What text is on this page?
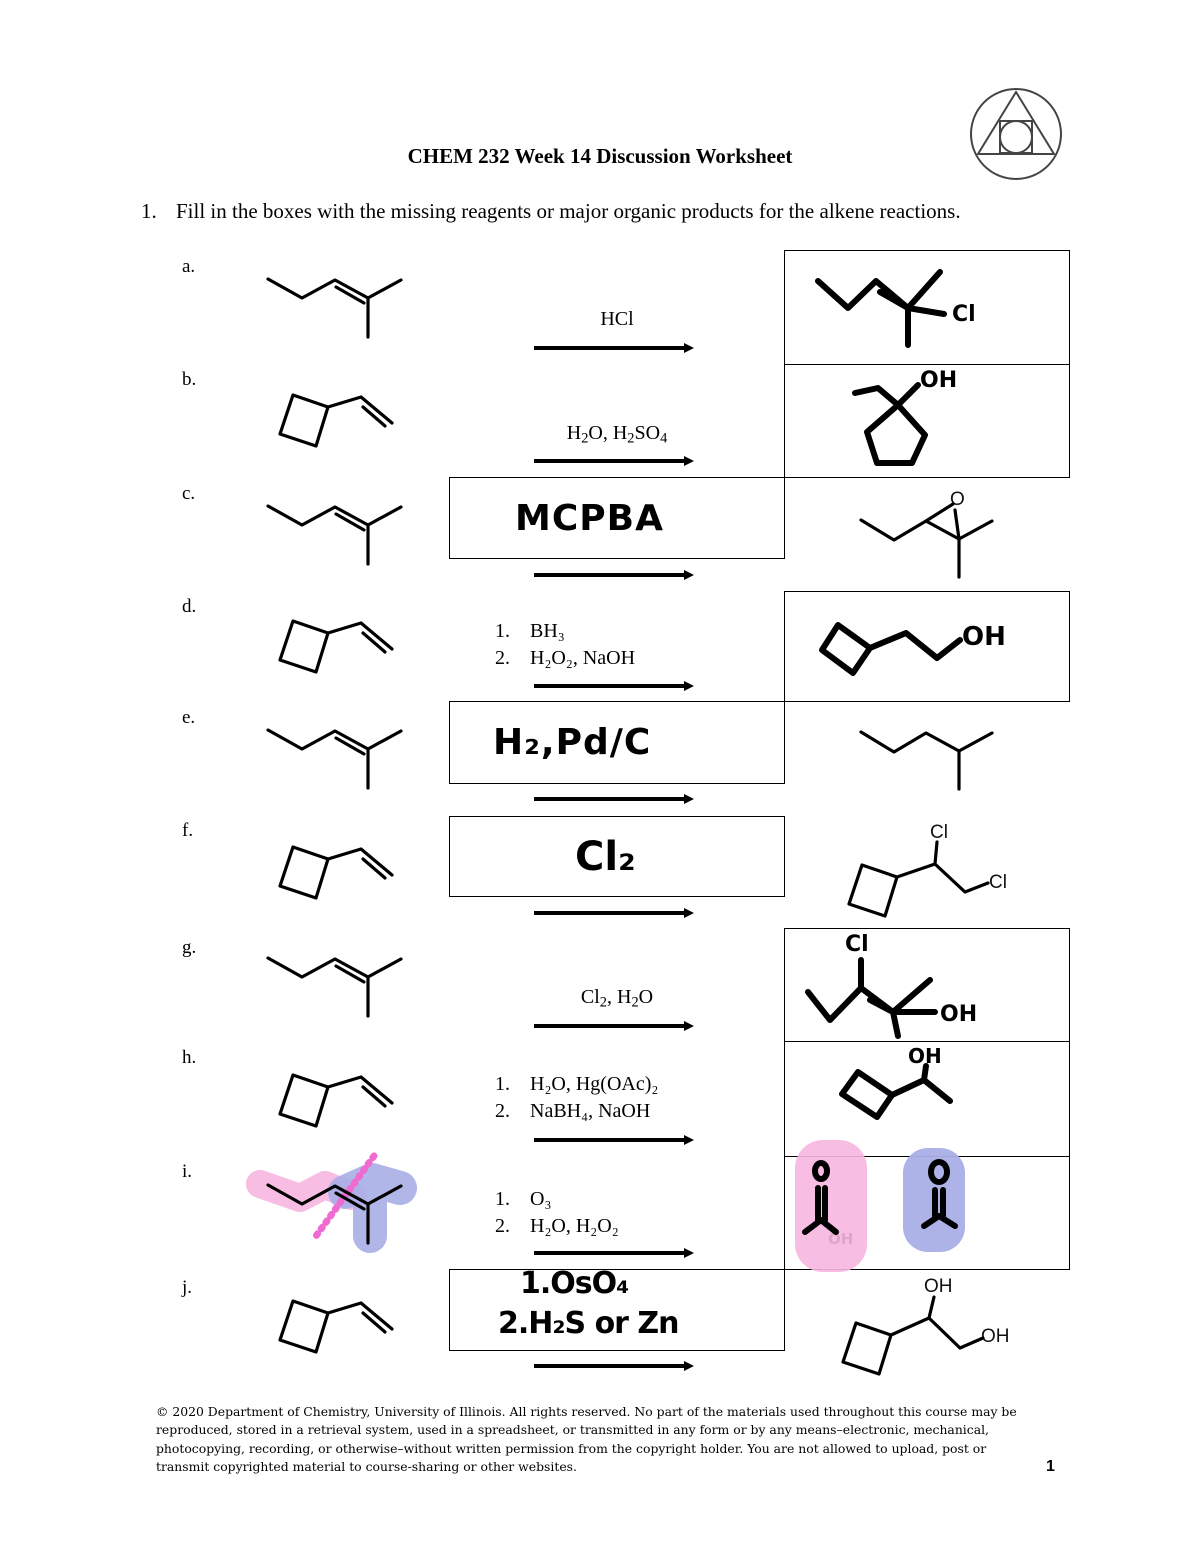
CHEM 232 Week 14 Discussion Worksheet
1. Fill in the boxes with the missing reagents or major organic products for the alkene reactions.
a.
b.
c.
d.
e.
f.
g.
h.
i.
j.
HCl
$H_2O$, $H_2SO_4$
$Cl_2$, $H_2O$
1. BH₃
2. H₂O₂, NaOH
1. H₂O, Hg(OAc)₂
2. NaBH₄, NaOH
1. O₃
2. H₂O, H₂O₂
Cl
OH
MCPBA
OH
H₂,Pd/C
Cl₂
Cl
OH
OH
1.OsO₄
2.H₂S or Zn
O
Cl
Cl
OH
OH
© 2020 Department of Chemistry, University of Illinois. All rights reserved. No part of the materials used throughout this course may be reproduced, stored in a retrieval system, used in a spreadsheet, or transmitted in any form or by any means–electronic, mechanical, photocopying, recording, or otherwise–without written permission from the copyright holder. You are not allowed to upload, post or transmit copyrighted material to course-sharing or other websites.	1
